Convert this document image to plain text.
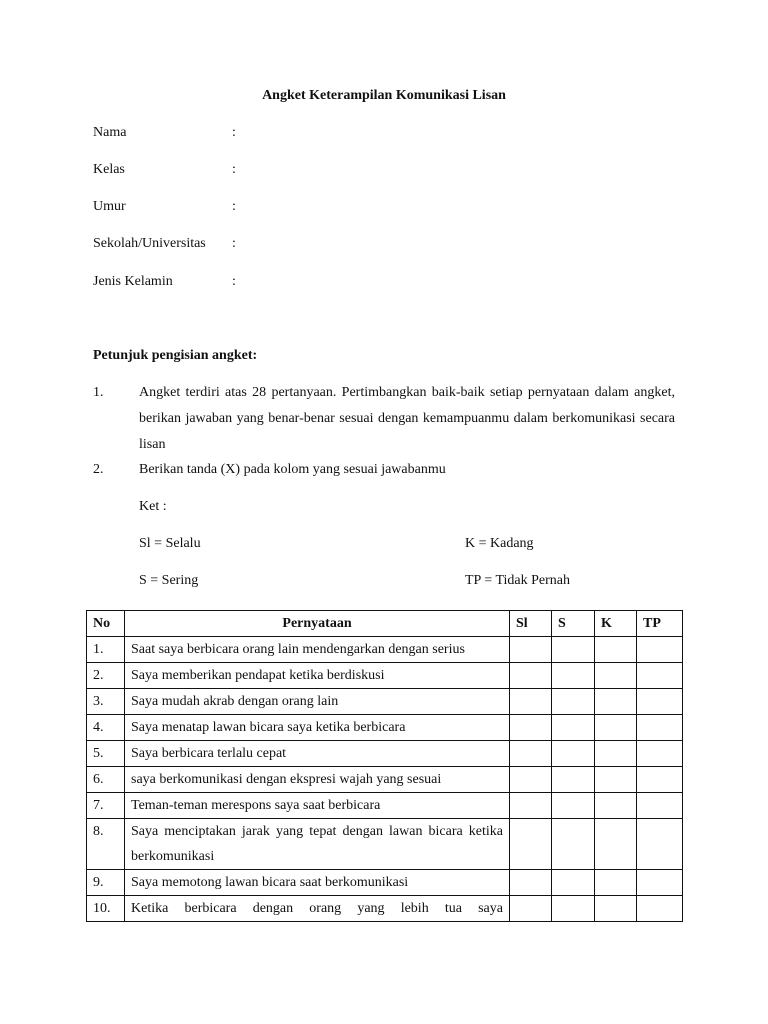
Angket Keterampilan Komunikasi Lisan
Nama	:
Kelas	:
Umur	:
Sekolah/Universitas :
Jenis Kelamin	:
Petunjuk pengisian angket:
1.	Angket terdiri atas 28 pertanyaan. Pertimbangkan baik-baik setiap pernyataan dalam angket, berikan jawaban yang benar-benar sesuai dengan kemampuanmu dalam berkomunikasi secara lisan
2.	Berikan tanda (X) pada kolom yang sesuai jawabanmu
Ket :
Sl = Selalu	K = Kadang
S = Sering	TP = Tidak Pernah
No	Pernyataan	Sl	S	K	TP
1.	Saat saya berbicara orang lain mendengarkan dengan serius				
2.	Saya memberikan pendapat ketika berdiskusi				
3.	Saya mudah akrab dengan orang lain				
4.	Saya menatap lawan bicara saya ketika berbicara				
5.	Saya berbicara terlalu cepat				
6.	saya berkomunikasi dengan ekspresi wajah yang sesuai				
7.	Teman-teman merespons saya saat berbicara				
8.	Saya menciptakan jarak yang tepat dengan lawan bicara ketika berkomunikasi				
9.	Saya memotong lawan bicara saat berkomunikasi				
10.	Ketika berbicara dengan orang yang lebih tua saya				
